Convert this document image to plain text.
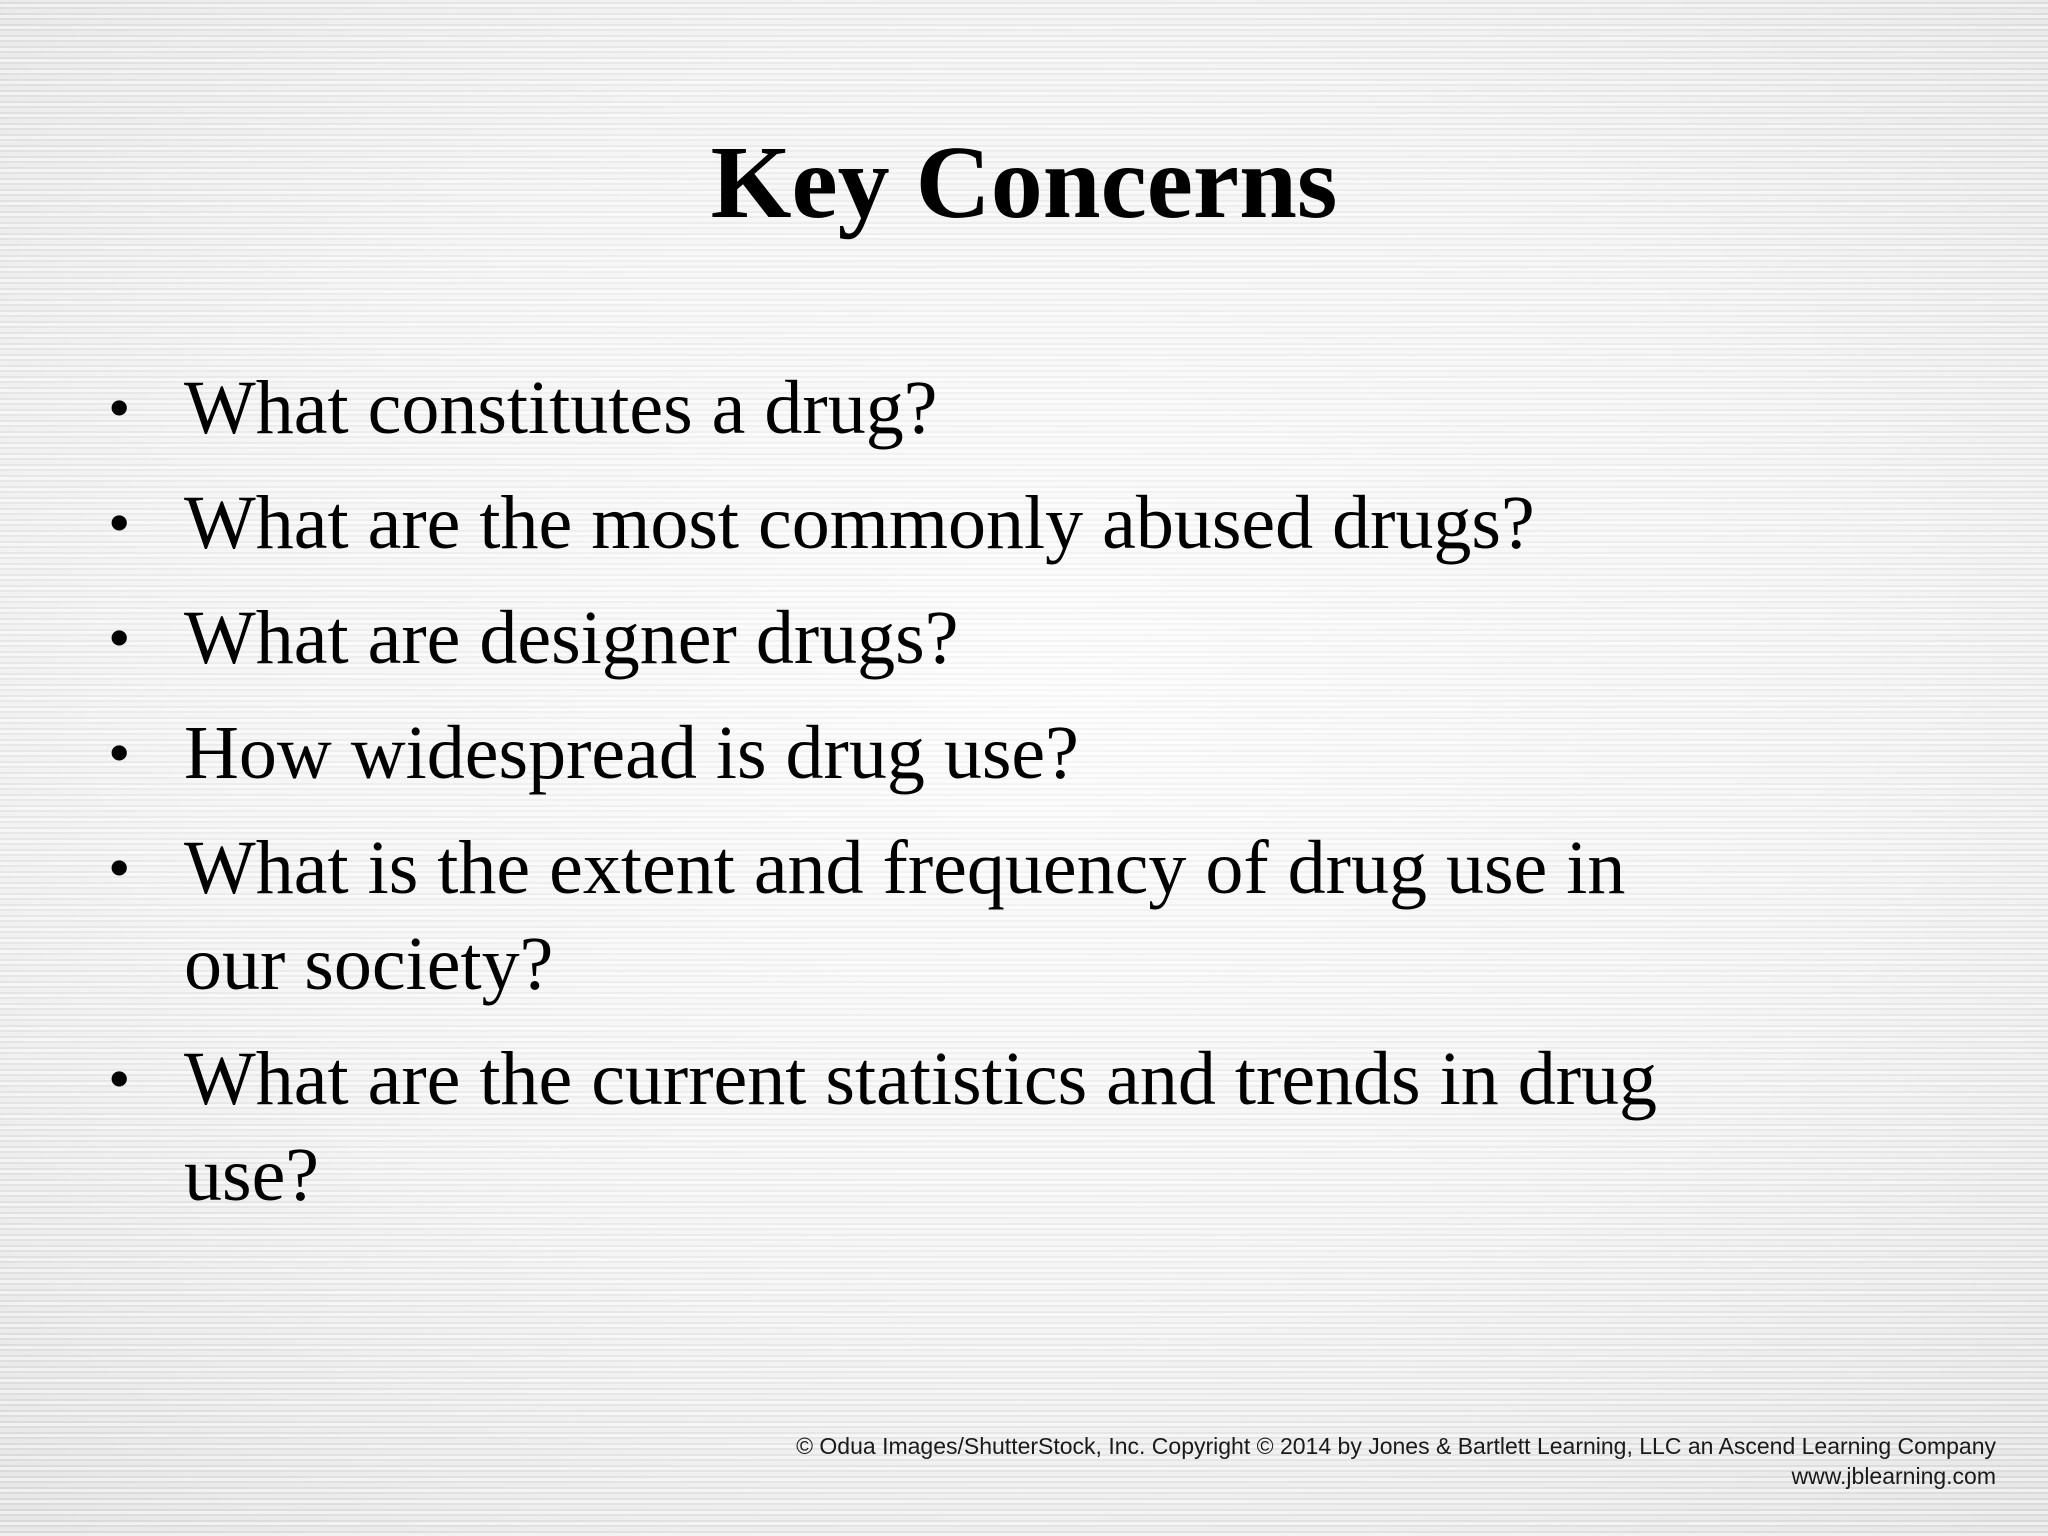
Key Concerns
• What constitutes a drug?
• What are the most commonly abused drugs?
• What are designer drugs?
• How widespread is drug use?
• What is the extent and frequency of drug use in our society?
• What are the current statistics and trends in drug use?
© Odua Images/ShutterStock, Inc. Copyright © 2014 by Jones & Bartlett Learning, LLC an Ascend Learning Company
www.jblearning.com
